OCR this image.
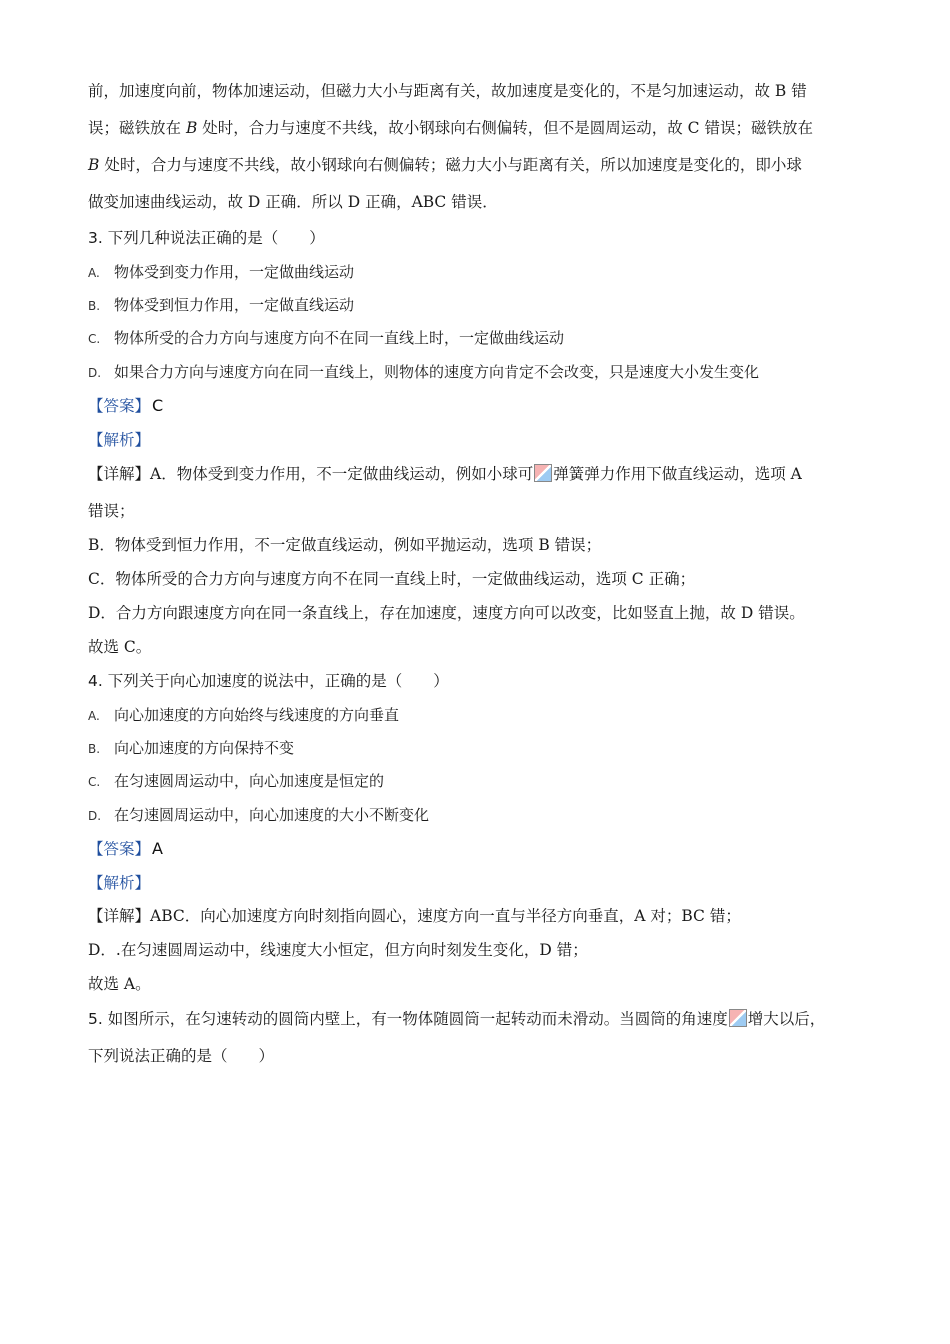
前，加速度向前，物体加速运动，但磁力大小与距离有关，故加速度是变化的，不是匀加速运动，故 B 错
误；磁铁放在 B 处时，合力与速度不共线，故小钢球向右侧偏转，但不是圆周运动，故 C 错误；磁铁放在
B 处时，合力与速度不共线，故小钢球向右侧偏转；磁力大小与距离有关，所以加速度是变化的，即小球
做变加速曲线运动，故 D 正确．所以 D 正确，ABC 错误．
3. 下列几种说法正确的是（　　）
A. 物体受到变力作用，一定做曲线运动
B. 物体受到恒力作用，一定做直线运动
C. 物体所受的合力方向与速度方向不在同一直线上时，一定做曲线运动
D. 如果合力方向与速度方向在同一直线上，则物体的速度方向肯定不会改变，只是速度大小发生变化
【答案】 C
【解析】
【详解】A．物体受到变力作用，不一定做曲线运动，例如小球可 弹簧弹力作用下做直线运动，选项 A
错误；
B．物体受到恒力作用，不一定做直线运动，例如平抛运动，选项 B 错误；
C．物体所受的合力方向与速度方向不在同一直线上时，一定做曲线运动，选项 C 正确；
D．合力方向跟速度方向在同一条直线上，存在加速度，速度方向可以改变，比如竖直上抛，故 D 错误。
故选 C。
4. 下列关于向心加速度的说法中，正确的是（　　）
A. 向心加速度的方向始终与线速度的方向垂直
B. 向心加速度的方向保持不变
C. 在匀速圆周运动中，向心加速度是恒定的
D. 在匀速圆周运动中，向心加速度的大小不断变化
【答案】 A
【解析】
【详解】ABC．向心加速度方向时刻指向圆心，速度方向一直与半径方向垂直，A 对；BC 错；
D．.在匀速圆周运动中，线速度大小恒定，但方向时刻发生变化，D 错；
故选 A。
5. 如图所示，在匀速转动的圆筒内壁上，有一物体随圆筒一起转动而未滑动。当圆筒的角速度 增大以后，
下列说法正确的是（　　）
